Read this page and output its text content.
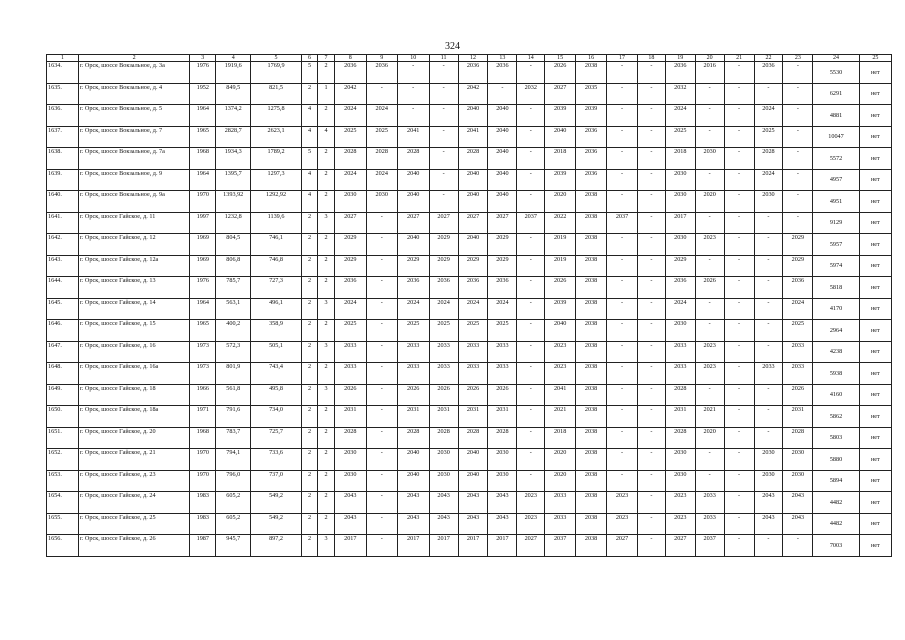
324
1	2	3	4	5	6	7	8	9	10	11	12	13	14	15	16	17	18	19	20	21	22	23	24	25
1634.	г. Орск, шоссе Вокзальное, д. 3а	1976	1919,6	1769,9	5	2	2036	2036	-	-	2036	2036	-	2026	2038	-	-	2036	2016	-	2036	-	5530	нет
1635.	г. Орск, шоссе Вокзальное, д. 4	1952	849,5	821,5	2	1	2042	-	-	-	2042	-	2032	2027	2035	-	-	2032	-	-	-	-	6291	нет
1636.	г. Орск, шоссе Вокзальное, д. 5	1964	1374,2	1275,8	4	2	2024	2024	-	-	2040	2040	-	2039	2039	-	-	2024	-	-	2024	-	4881	нет
1637.	г. Орск, шоссе Вокзальное, д. 7	1965	2828,7	2623,1	4	4	2025	2025	2041	-	2041	2040	-	2040	2036	-	-	2025	-	-	2025	-	10047	нет
1638.	г. Орск, шоссе Вокзальное, д. 7а	1968	1934,3	1789,2	5	2	2028	2028	2028	-	2028	2040	-	2018	2036	-	-	2018	2030	-	2028	-	5572	нет
1639.	г. Орск, шоссе Вокзальное, д. 9	1964	1395,7	1297,3	4	2	2024	2024	2040	-	2040	2040	-	2039	2036	-	-	2030	-	-	2024	-	4957	нет
1640.	г. Орск, шоссе Вокзальное, д. 9а	1970	1393,92	1292,92	4	2	2030	2030	2040	-	2040	2040	-	2020	2038	-	-	2030	2020	-	2030	-	4951	нет
1641.	г. Орск, шоссе Гайское, д. 11	1997	1232,8	1139,6	2	3	2027	-	2027	2027	2027	2027	2037	2022	2038	2037	-	2017	-	-	-	-	9129	нет
1642.	г. Орск, шоссе Гайское, д. 12	1969	804,5	746,1	2	2	2029	-	2040	2029	2040	2029	-	2019	2038	-	-	2030	2023	-	-	2029	5957	нет
1643.	г. Орск, шоссе Гайское, д. 12а	1969	806,8	746,8	2	2	2029	-	2029	2029	2029	2029	-	2019	2038	-	-	2029	-	-	-	2029	5974	нет
1644.	г. Орск, шоссе Гайское, д. 13	1976	785,7	727,3	2	2	2036	-	2036	2036	2036	2036	-	2026	2038	-	-	2036	2026	-	-	2036	5818	нет
1645.	г. Орск, шоссе Гайское, д. 14	1964	563,1	496,1	2	3	2024	-	2024	2024	2024	2024	-	2039	2038	-	-	2024	-	-	-	2024	4170	нет
1646.	г. Орск, шоссе Гайское, д. 15	1965	400,2	358,9	2	2	2025	-	2025	2025	2025	2025	-	2040	2038	-	-	2030	-	-	-	2025	2964	нет
1647.	г. Орск, шоссе Гайское, д. 16	1973	572,3	505,1	2	3	2033	-	2033	2033	2033	2033	-	2023	2038	-	-	2033	2023	-	-	2033	4238	нет
1648.	г. Орск, шоссе Гайское, д. 16а	1973	801,9	743,4	2	2	2033	-	2033	2033	2033	2033	-	2023	2038	-	-	2033	2023	-	2033	2033	5938	нет
1649.	г. Орск, шоссе Гайское, д. 18	1966	561,8	495,8	2	3	2026	-	2026	2026	2026	2026	-	2041	2038	-	-	2028	-	-	-	2026	4160	нет
1650.	г. Орск, шоссе Гайское, д. 18а	1971	791,6	734,0	2	2	2031	-	2031	2031	2031	2031	-	2021	2038	-	-	2031	2021	-	-	2031	5862	нет
1651.	г. Орск, шоссе Гайское, д. 20	1968	783,7	725,7	2	2	2028	-	2028	2028	2028	2028	-	2018	2038	-	-	2028	2020	-	-	2028	5803	нет
1652.	г. Орск, шоссе Гайское, д. 21	1970	794,1	733,6	2	2	2030	-	2040	2030	2040	2030	-	2020	2038	-	-	2030	-	-	2030	2030	5880	нет
1653.	г. Орск, шоссе Гайское, д. 23	1970	796,0	737,0	2	2	2030	-	2040	2030	2040	2030	-	2020	2038	-	-	2030	-	-	2030	2030	5894	нет
1654.	г. Орск, шоссе Гайское, д. 24	1983	605,2	549,2	2	2	2043	-	2043	2043	2043	2043	2023	2033	2038	2023	-	2023	2033	-	2043	2043	4482	нет
1655.	г. Орск, шоссе Гайское, д. 25	1983	605,2	549,2	2	2	2043	-	2043	2043	2043	2043	2023	2033	2038	2023	-	2023	2033	-	2043	2043	4482	нет
1656.	г. Орск, шоссе Гайское, д. 26	1987	945,7	897,2	2	3	2017	-	2017	2017	2017	2017	2027	2037	2038	2027	-	2027	2037	-	-	-	7003	нет
